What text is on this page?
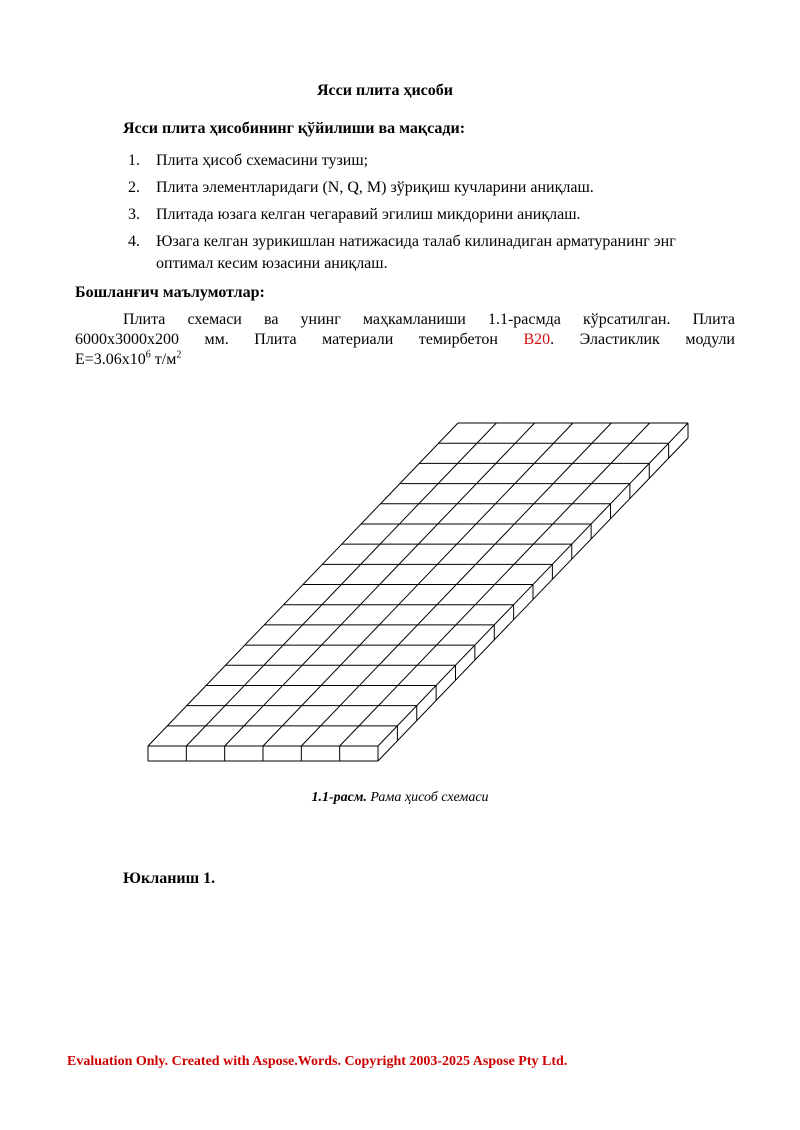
Ясси плита ҳисоби
Ясси плита ҳисобининг қўйилиши ва мақсади:
1. Плита ҳисоб схемасини тузиш;
2. Плита элементларидаги (N, Q, M) зўриқиш кучларини аниқлаш.
3. Плитада юзага келган чегаравий эгилиш микдорини аниқлаш.
4. Юзага келган зурикишлан натижасида талаб килинадиган арматуранинг энг оптимал кесим юзасини аниқлаш.
Бошланғич маълумотлар:
Плита схемаси ва унинг маҳкамланиши 1.1-расмда кўрсатилган. Плита
6000x3000x200 мм. Плита материали темирбетон B20. Эластиклик модули
$E=3.06x10^6$ $т/м^2$
1.1-расм. Рама ҳисоб схемаси
Юкланиш 1.
Evaluation Only. Created with Aspose.Words. Copyright 2003-2025 Aspose Pty Ltd.
